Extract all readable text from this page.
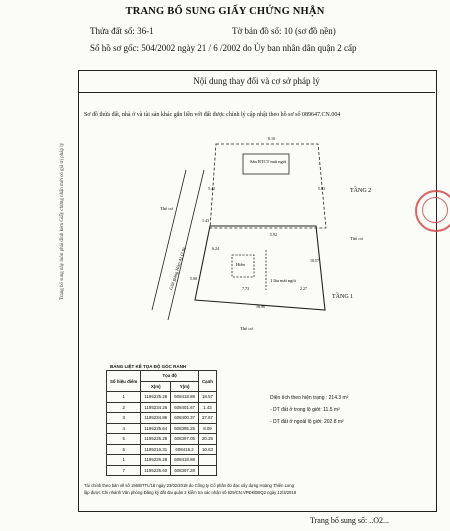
TRANG BỔ SUNG GIẤY CHỨNG NHẬN
Thửa đất số: 36-1	Tờ bản đồ số: 10 (sơ đồ nền)
Số hồ sơ gốc: 504/2002 ngày 21 / 6 /2002 do Ủy ban nhân dân quận 2 cấp
Nội dung thay đổi và cơ sở pháp lý
Sơ đồ thửa đất, nhà ở và tài sản khác gắn liền với đất được chỉnh lý cập nhật theo hồ sơ số 089647.CN.004
Trang bổ sung này luôn phải đính kèm Giấy chứng nhận mới có giá trị pháp lý	TẦNG 2
TẦNG 1
Sân BTCT mái ngói
1 lầu mái ngói
Hiên
Giải giáng Hẻm 41 (2.0)
Thổ cư
Thổ cư
Thổ cư
8.10
5.42	5.03
6.24
10.57
16.96
5.00
5.92
1.43
7.73	2.27
BẢNG LIỆT KÊ TỌA ĐỘ GÓC RANH
Số hiệu điểm	Tọa độ		Cạnh
	X(m)	Y(m)	
1	1195225.28	608418.88	18.57
2	1195234.26	608401.67	1.43
3	1195234.86	608400.37	37.67
4	1195225.64	608395.25	8.09
5	1195225.28	608397.05	20.25
6	1195216.31	608415.2	10.63
1	1195226.28	608418.88	
7	1195225.60	608397.28	
Diện tích theo hiện trạng : 214.3 m²
- DT đất ở trong lộ giới: 11.5 m²
- DT đất ở ngoài lộ giới: 202.8 m²
Tài chính theo bản vẽ số 156/BTTL/18 ngày 23/02/2018 do Công ty Cổ phần đo đạc xây dựng Hoàng Thiên Long
lập được Chi nhánh Văn phòng Đăng ký đất đai quận 2 kiểm tra xác nhận số 629/CN.VPĐKĐĐQ2 ngày 12/3/2018
Trang bổ sung số: ..O2...
